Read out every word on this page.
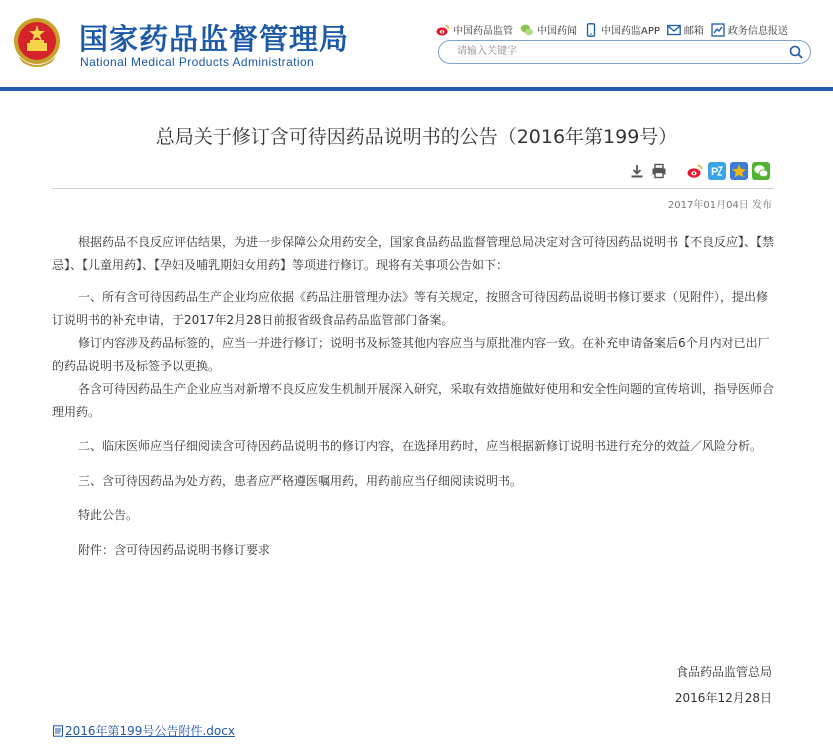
国家药品监督管理局
National Medical Products Administration
中国药品监管 中国药闻 中国药监APP 邮箱 政务信息报送
请输入关键字
总局关于修订含可待因药品说明书的公告（2016年第199号）
P
2017年01月04日 发布

根据药品不良反应评估结果，为进一步保障公众用药安全，国家食品药品监督管理总局决定对含可待因药品说明书【不良反应】、【禁忌】、【儿童用药】、【孕妇及哺乳期妇女用药】等项进行修订。现将有关事项公告如下：

一、所有含可待因药品生产企业均应依据《药品注册管理办法》等有关规定，按照含可待因药品说明书修订要求（见附件），提出修订说明书的补充申请，于2017年2月28日前报省级食品药品监管部门备案。

修订内容涉及药品标签的，应当一并进行修订；说明书及标签其他内容应当与原批准内容一致。在补充申请备案后6个月内对已出厂的药品说明书及标签予以更换。

各含可待因药品生产企业应当对新增不良反应发生机制开展深入研究，采取有效措施做好使用和安全性问题的宣传培训，指导医师合理用药。

二、临床医师应当仔细阅读含可待因药品说明书的修订内容，在选择用药时，应当根据新修订说明书进行充分的效益／风险分析。

三、含可待因药品为处方药，患者应严格遵医嘱用药，用药前应当仔细阅读说明书。

特此公告。

附件：含可待因药品说明书修订要求

食品药品监管总局
2016年12月28日
2016年第199号公告附件.docx
